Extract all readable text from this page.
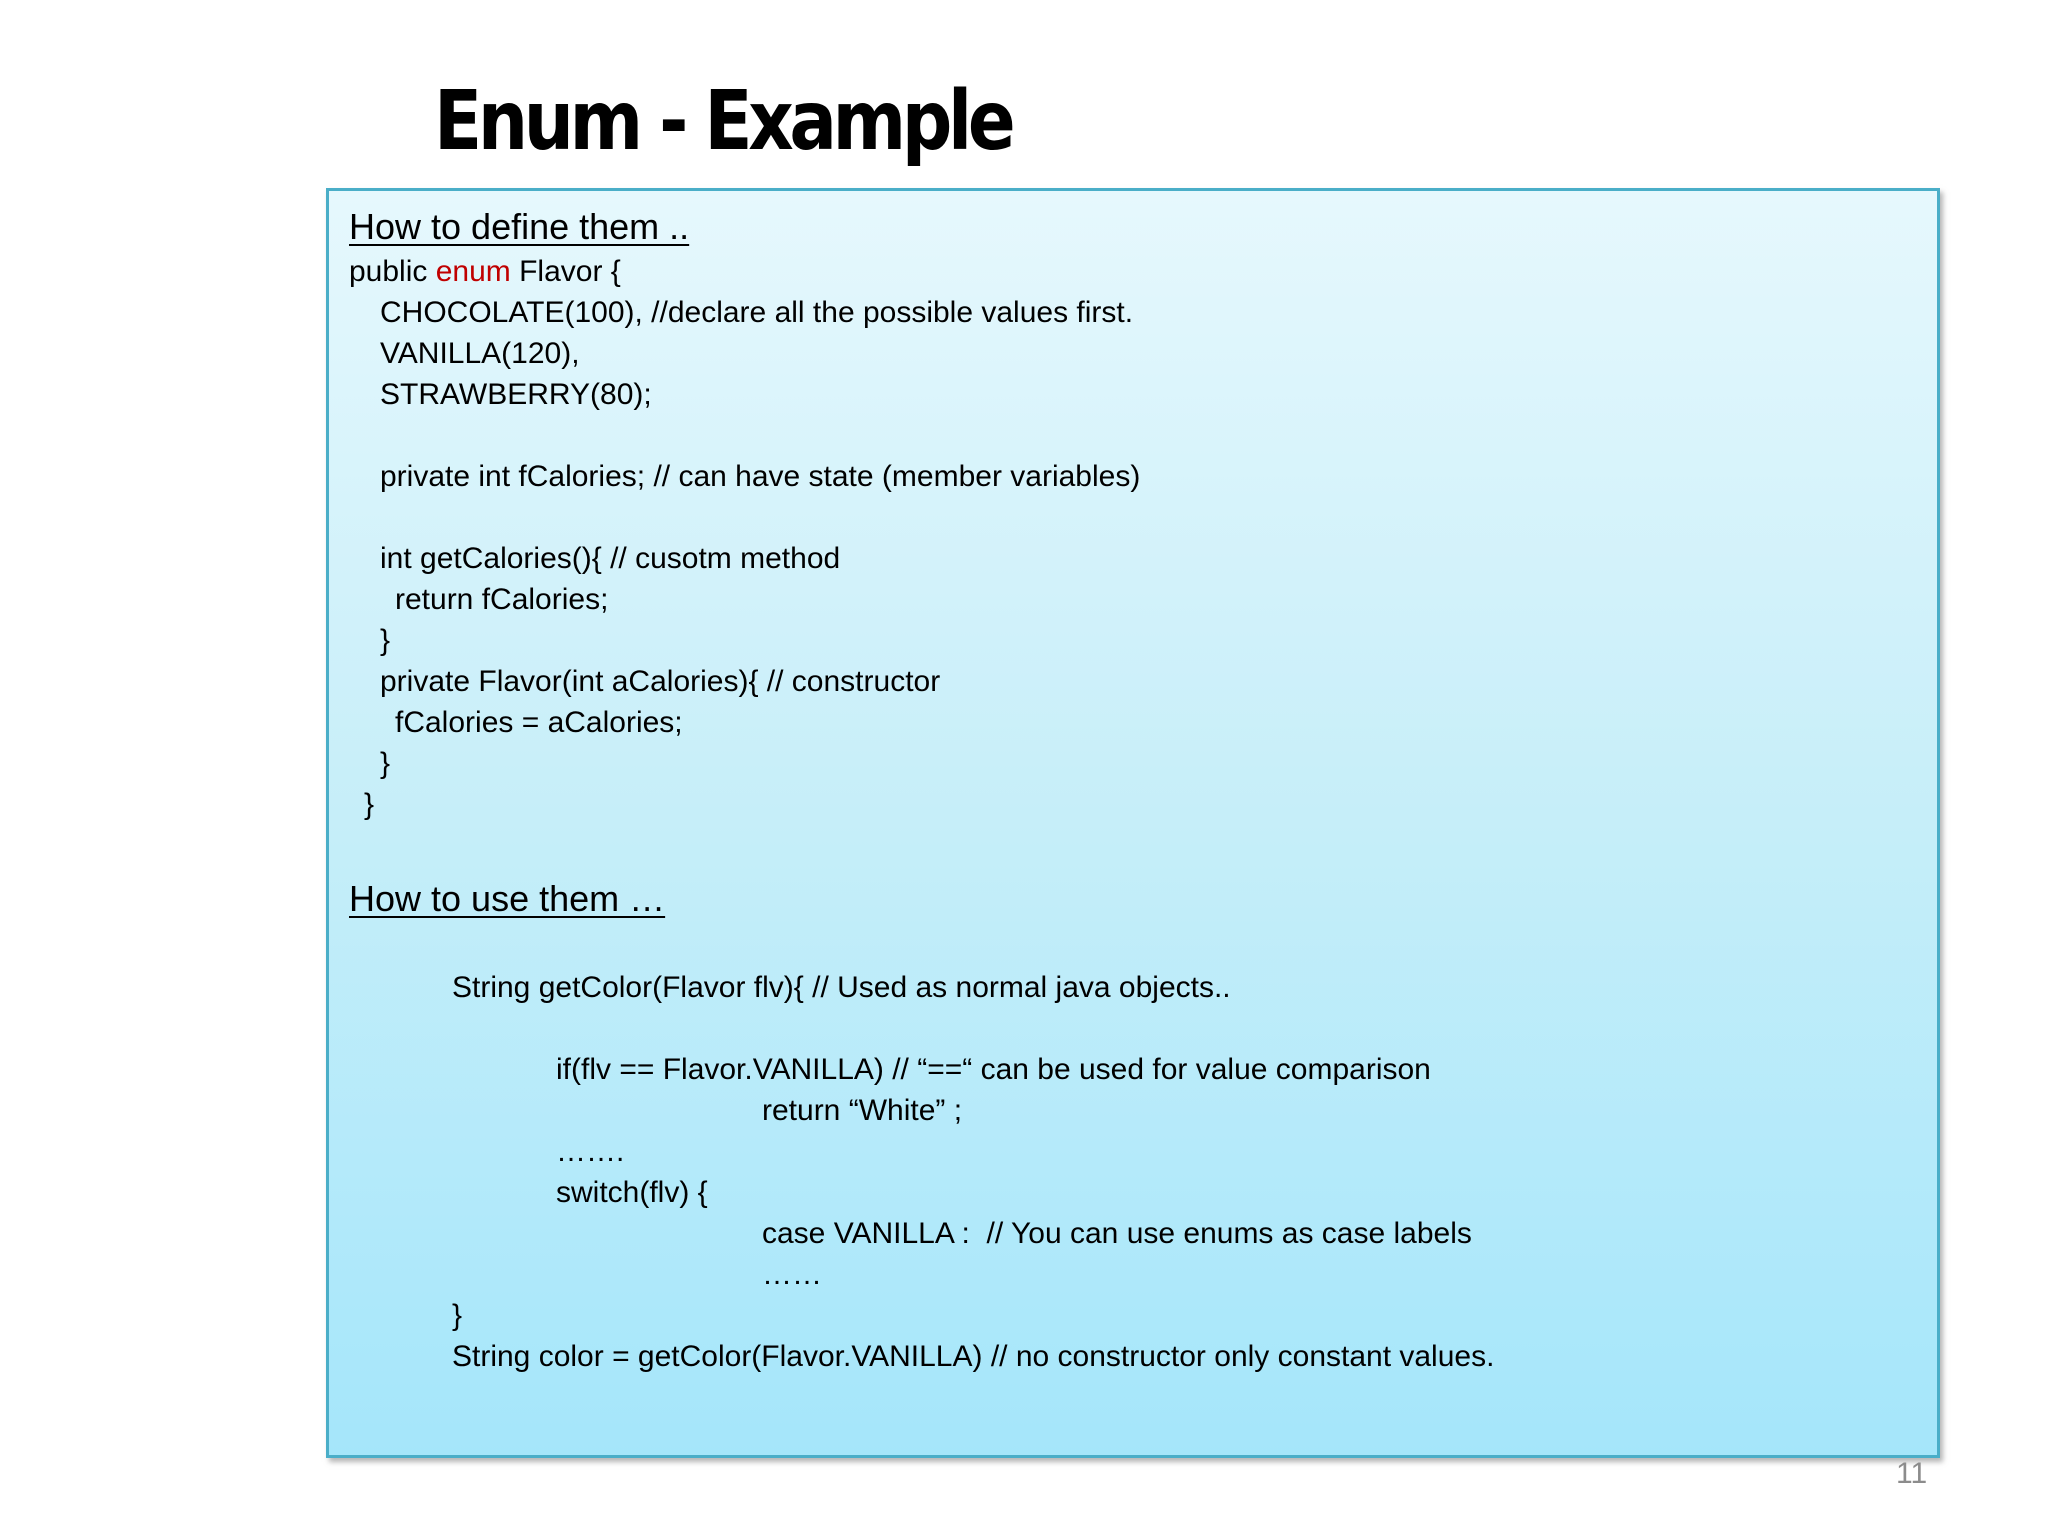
Enum - Example
How to define them ..
public enum Flavor {
CHOCOLATE(100), //declare all the possible values first.
VANILLA(120),
STRAWBERRY(80);
private int fCalories; // can have state (member variables)
int getCalories(){ // cusotm method
return fCalories;
}
private Flavor(int aCalories){ // constructor
fCalories = aCalories;
}
}
How to use them …
String getColor(Flavor flv){ // Used as normal java objects..
if(flv == Flavor.VANILLA) // “==“ can be used for value comparison
return “White” ;
…….
switch(flv) {
case VANILLA :  // You can use enums as case labels
……
}
String color = getColor(Flavor.VANILLA) // no constructor only constant values.
11
